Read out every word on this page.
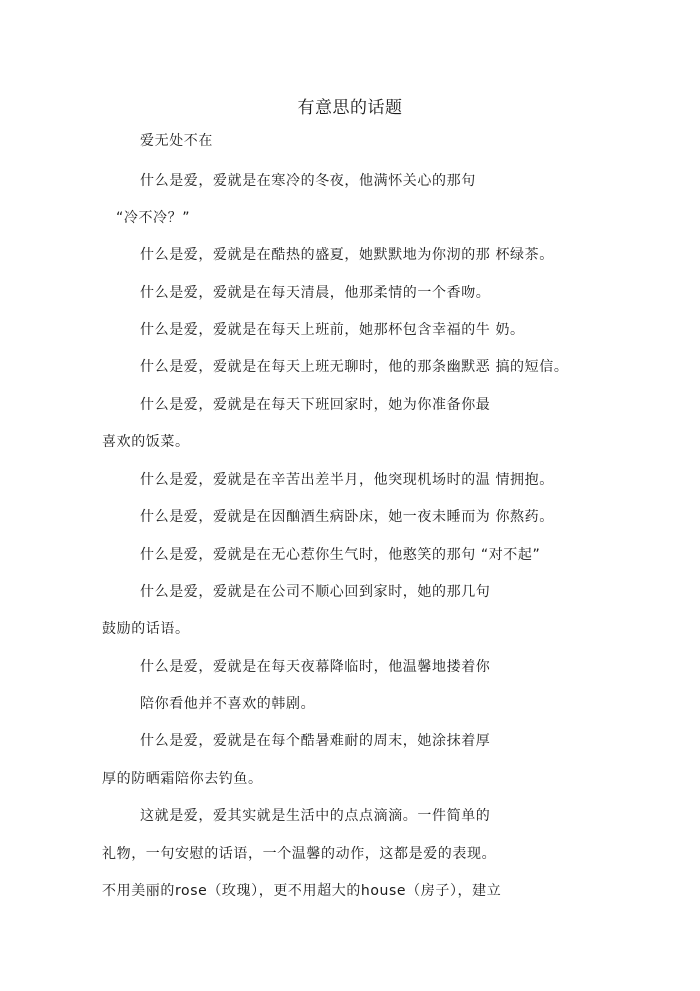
有意思的话题
爱无处不在
什么是爱，爱就是在寒冷的冬夜，他满怀关心的那句
“冷不冷？”
什么是爱，爱就是在酷热的盛夏，她默默地为你沏的那 杯绿茶。
什么是爱，爱就是在每天清晨，他那柔情的一个香吻。
什么是爱，爱就是在每天上班前，她那杯包含幸福的牛 奶。
什么是爱，爱就是在每天上班无聊时，他的那条幽默恶 搞的短信。
什么是爱，爱就是在每天下班回家时，她为你准备你最
喜欢的饭菜。
什么是爱，爱就是在辛苦出差半月，他突现机场时的温 情拥抱。
什么是爱，爱就是在因酗酒生病卧床，她一夜未睡而为 你熬药。
什么是爱，爱就是在无心惹你生气时，他憨笑的那句 “对不起”
什么是爱，爱就是在公司不顺心回到家时，她的那几句
鼓励的话语。
什么是爱，爱就是在每天夜幕降临时，他温馨地搂着你
陪你看他并不喜欢的韩剧。
什么是爱，爱就是在每个酷暑难耐的周末，她涂抹着厚
厚的防晒霜陪你去钓鱼。
这就是爱，爱其实就是生活中的点点滴滴。一件简单的
礼物，一句安慰的话语，一个温馨的动作，这都是爱的表现。
不用美丽的rose（玫瑰），更不用超大的house（房子），建立
